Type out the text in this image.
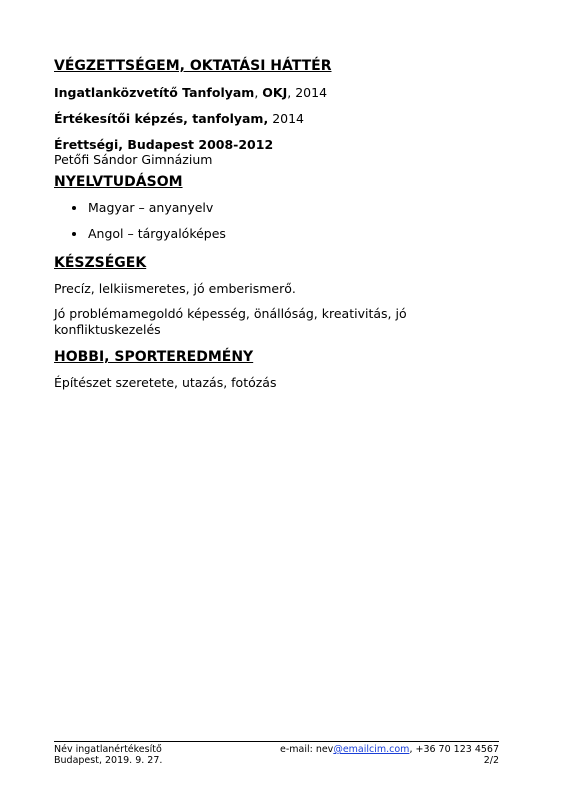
VÉGZETTSÉGEM, OKTATÁSI HÁTTÉR

Ingatlanközvetítő Tanfolyam, OKJ, 2014

Értékesítői képzés, tanfolyam, 2014

Érettségi, Budapest 2008-2012

Petőfi Sándor Gimnázium

NYELVTUDÁSOM
Magyar – anyanyelv
Angol – tárgyalóképes
KÉSZSÉGEK

Precíz, lelkiismeretes, jó emberismerő.

Jó problémamegoldó képesség, önállóság, kreativitás, jó konfliktuskezelés

HOBBI, SPORTEREDMÉNY

Építészet szeretete, utazás, fotózás

Név ingatlanértékesítő	e-mail: nev@emailcim.com, +36 70 123 4567
Budapest, 2019. 9. 27.	2/2
